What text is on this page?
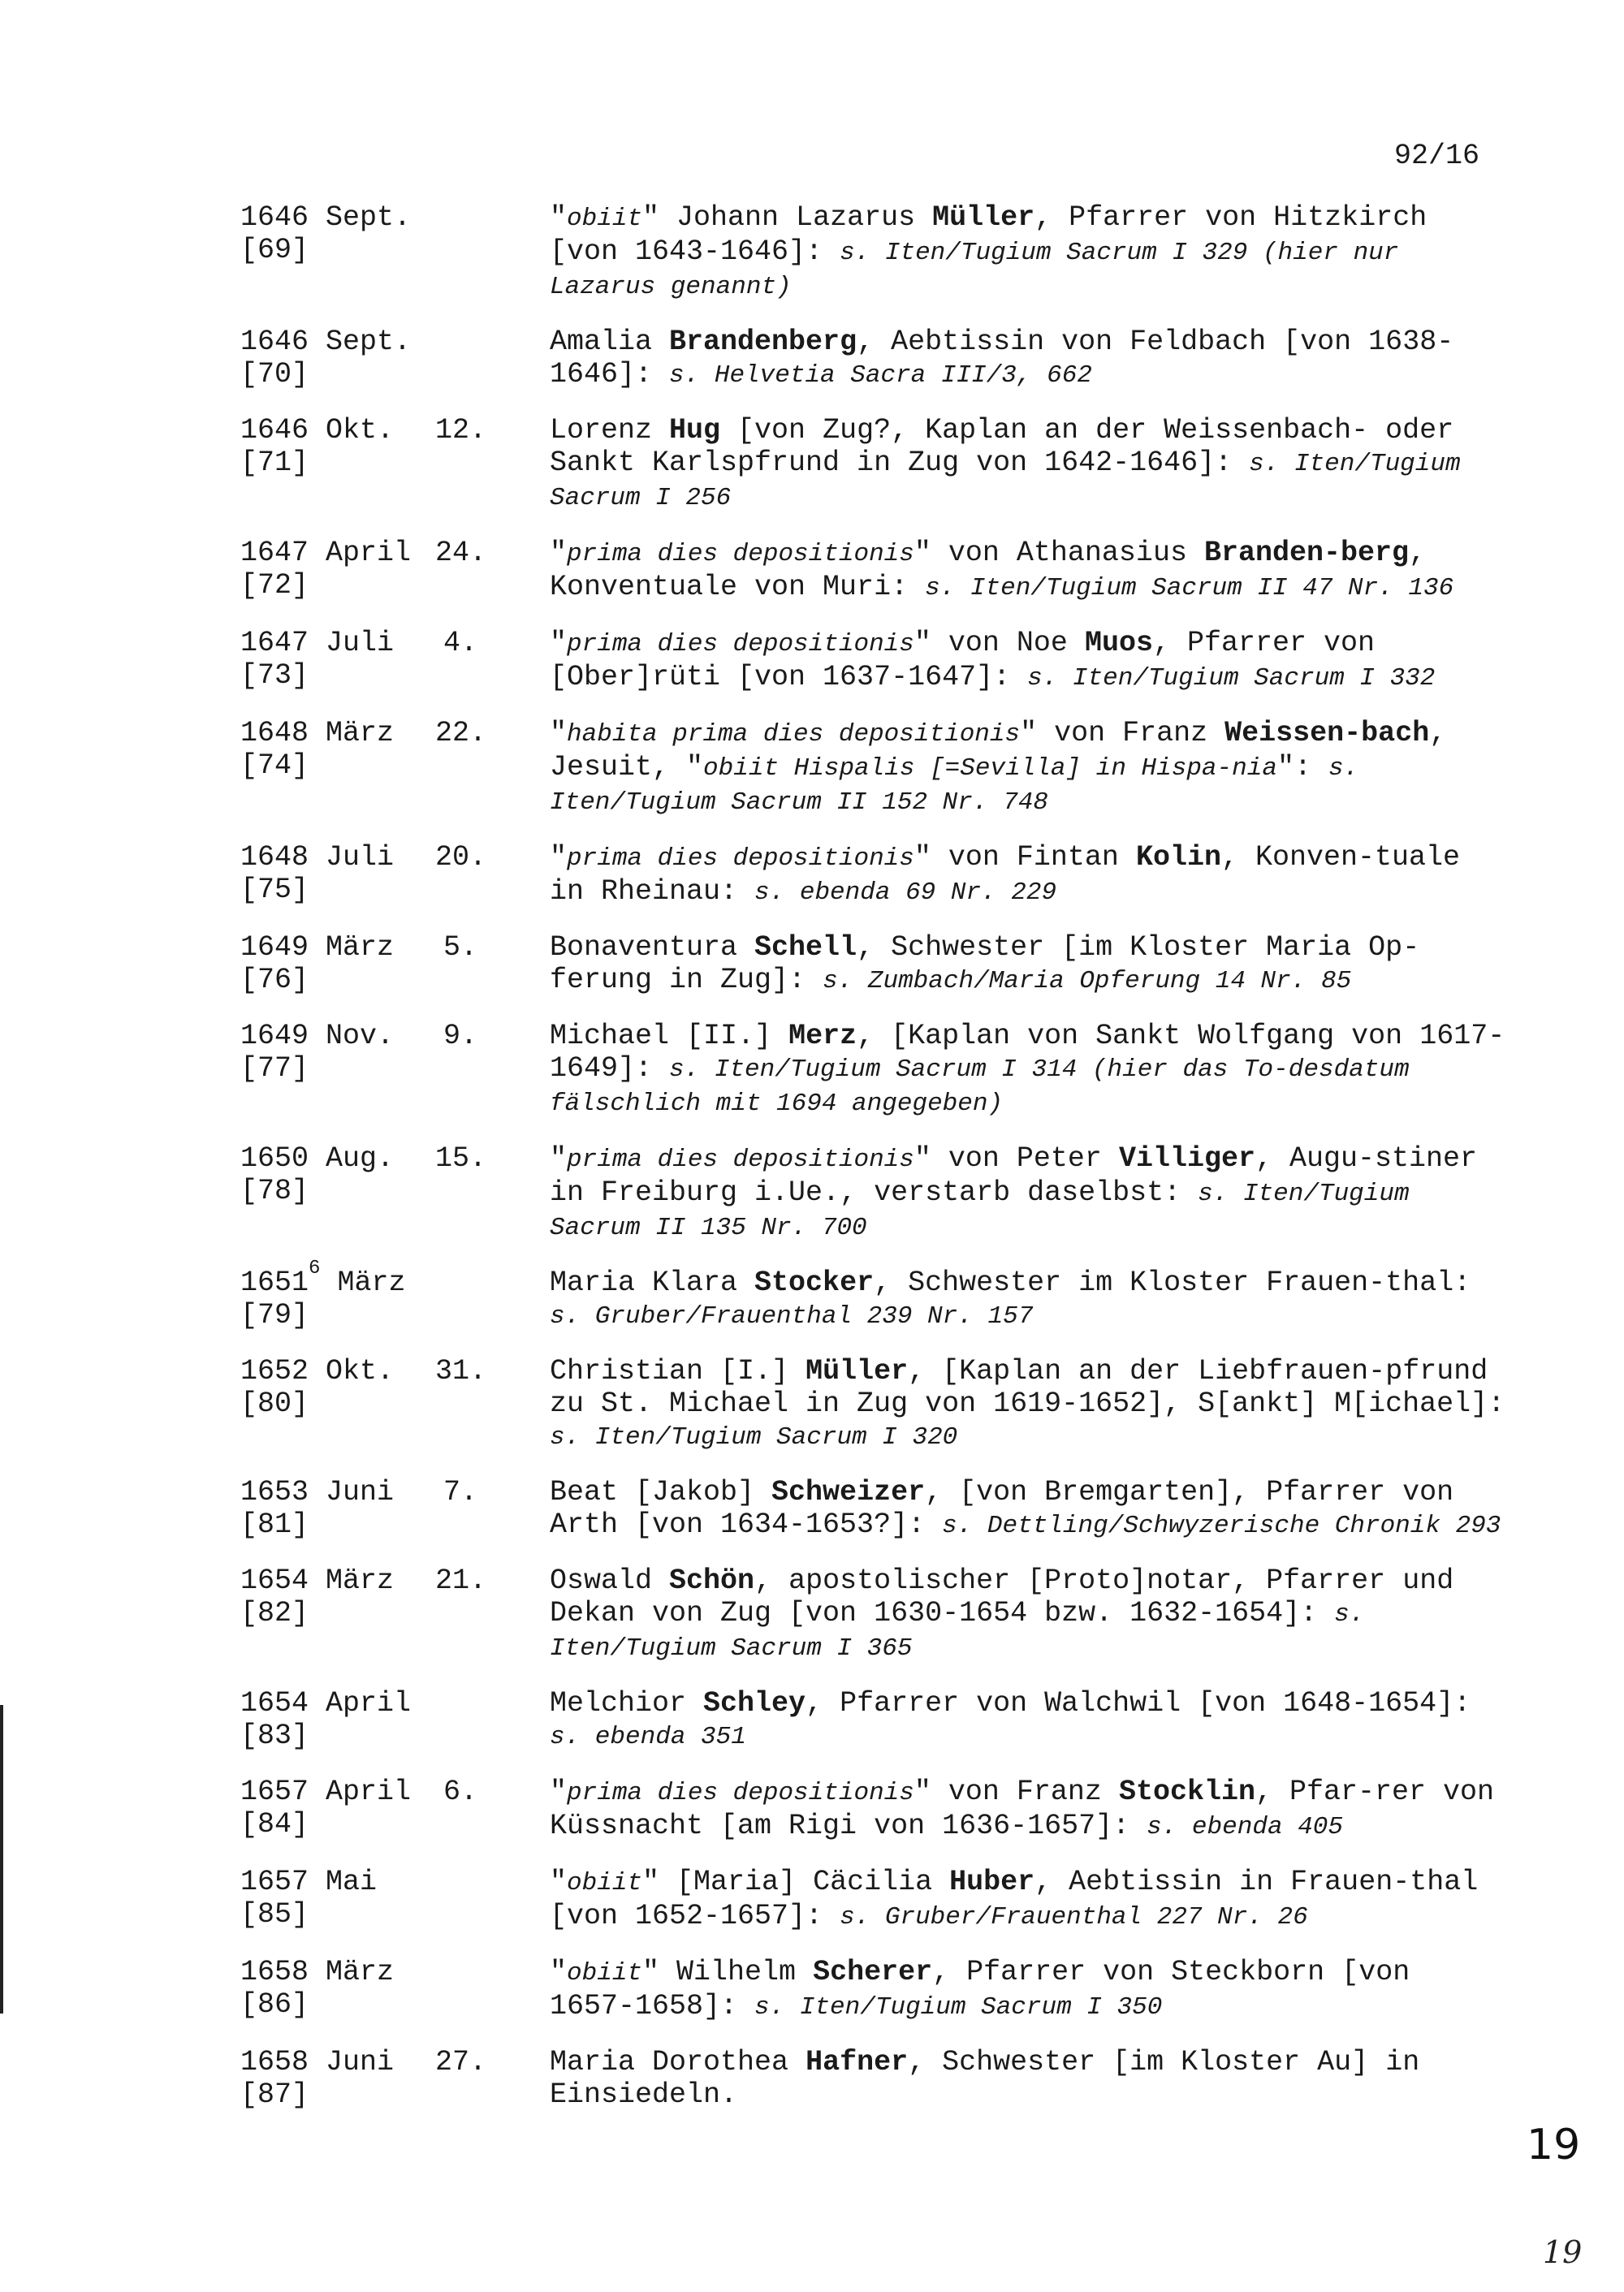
92/16
1646 Sept.
[69]
"obiit" Johann Lazarus Müller, Pfarrer von Hitzkirch [von 1643-1646]: s. Iten/Tugium Sacrum I 329 (hier nur Lazarus genannt)
1646 Sept.
[70]
Amalia Brandenberg, Aebtissin von Feldbach [von 1638-1646]: s. Helvetia Sacra III/3, 662
1646 Okt. 12.
[71]
Lorenz Hug [von Zug?, Kaplan an der Weissenbach- oder Sankt Karlspfrund in Zug von 1642-1646]: s. Iten/Tugium Sacrum I 256
1647 April 24.
[72]
"prima dies depositionis" von Athanasius Branden-berg, Konventuale von Muri: s. Iten/Tugium Sacrum II 47 Nr. 136
1647 Juli 4.
[73]
"prima dies depositionis" von Noe Muos, Pfarrer von [Ober]rüti [von 1637-1647]: s. Iten/Tugium Sacrum I 332
1648 März 22.
[74]
"habita prima dies depositionis" von Franz Weissen-bach, Jesuit, "obiit Hispalis [=Sevilla] in Hispa-nia": s. Iten/Tugium Sacrum II 152 Nr. 748
1648 Juli 20.
[75]
"prima dies depositionis" von Fintan Kolin, Konven-tuale in Rheinau: s. ebenda 69 Nr. 229
1649 März 5.
[76]
Bonaventura Schell, Schwester [im Kloster Maria Op-ferung in Zug]: s. Zumbach/Maria Opferung 14 Nr. 85
1649 Nov. 9.
[77]
Michael [II.] Merz, [Kaplan von Sankt Wolfgang von 1617-1649]: s. Iten/Tugium Sacrum I 314 (hier das To-desdatum fälschlich mit 1694 angegeben)
1650 Aug. 15.
[78]
"prima dies depositionis" von Peter Villiger, Augu-stiner in Freiburg i.Ue., verstarb daselbst: s. Iten/Tugium Sacrum II 135 Nr. 700
1651$^6$ März
[79]
Maria Klara Stocker, Schwester im Kloster Frauen-thal: s. Gruber/Frauenthal 239 Nr. 157
1652 Okt. 31.
[80]
Christian [I.] Müller, [Kaplan an der Liebfrauen-pfrund zu St. Michael in Zug von 1619-1652], S[ankt] M[ichael]: s. Iten/Tugium Sacrum I 320
1653 Juni 7.
[81]
Beat [Jakob] Schweizer, [von Bremgarten], Pfarrer von Arth [von 1634-1653?]: s. Dettling/Schwyzerische Chronik 293
1654 März 21.
[82]
Oswald Schön, apostolischer [Proto]notar, Pfarrer und Dekan von Zug [von 1630-1654 bzw. 1632-1654]: s. Iten/Tugium Sacrum I 365
1654 April
[83]
Melchior Schley, Pfarrer von Walchwil [von 1648-1654]: s. ebenda 351
1657 April 6.
[84]
"prima dies depositionis" von Franz Stocklin, Pfar-rer von Küssnacht [am Rigi von 1636-1657]: s. ebenda 405
1657 Mai
[85]
"obiit" [Maria] Cäcilia Huber, Aebtissin in Frauen-thal [von 1652-1657]: s. Gruber/Frauenthal 227 Nr. 26
1658 März
[86]
"obiit" Wilhelm Scherer, Pfarrer von Steckborn [von 1657-1658]: s. Iten/Tugium Sacrum I 350
1658 Juni 27.
[87]
Maria Dorothea Hafner, Schwester [im Kloster Au] in Einsiedeln.
19
19
